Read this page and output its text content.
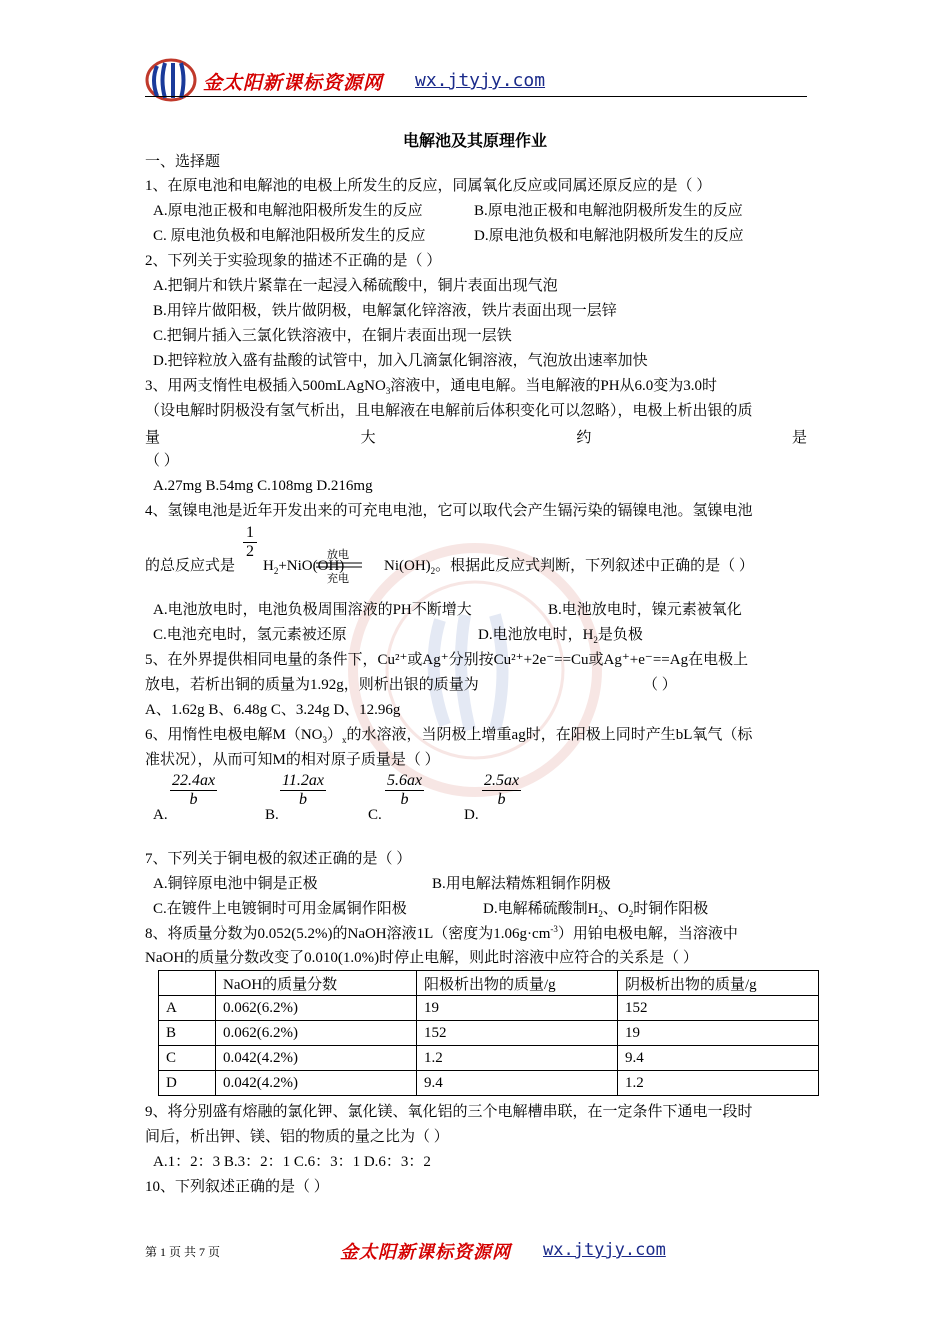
金太阳新课标资源网 wx.jtyjy.com
电解池及其原理作业
一、选择题
1、在原电池和电解池的电极上所发生的反应，同属氧化反应或同属还原反应的是（ ）
A.原电池正极和电解池阳极所发生的反应	B.原电池正极和电解池阴极所发生的反应
C. 原电池负极和电解池阳极所发生的反应	D.原电池负极和电解池阴极所发生的反应
2、下列关于实验现象的描述不正确的是（ ）
A.把铜片和铁片紧靠在一起浸入稀硫酸中，铜片表面出现气泡
B.用锌片做阳极，铁片做阴极，电解氯化锌溶液，铁片表面出现一层锌
C.把铜片插入三氯化铁溶液中，在铜片表面出现一层铁
D.把锌粒放入盛有盐酸的试管中，加入几滴氯化铜溶液，气泡放出速率加快
3、用两支惰性电极插入500mLAgNO$_3$溶液中，通电电解。当电解液的PH从6.0变为3.0时
（设电解时阴极没有氢气析出，且电解液在电解前后体积变化可以忽略），电极上析出银的质
量	大	约	是
（ ）
A.27mg B.54mg C.108mg D.216mg
4、氢镍电池是近年开发出来的可充电电池，它可以取代会产生镉污染的镉镍电池。氢镍电池
的总反应式是
$\frac{1}{2}$
$H_2+NiO(OH)$
放电
充电
$Ni(OH)_2$。根据此反应式判断，下列叙述中正确的是（ ）
A.电池放电时，电池负极周围溶液的PH不断增大	B.电池放电时，镍元素被氧化
C.电池充电时，氢元素被还原	D.电池放电时，$H_2$是负极
5、在外界提供相同电量的条件下，Cu²⁺或Ag⁺分别按Cu²⁺+2e⁻==Cu或Ag⁺+e⁻==Ag在电极上
放电，若析出铜的质量为1.92g，则析出银的质量为	（ ）
A、1.62g B、6.48g C、3.24g D、12.96g
6、用惰性电极电解$M(NO_3)_x$的水溶液，当阴极上增重ag时，在阳极上同时产生bL氧气（标
准状况），从而可知M的相对原子质量是（ ）
A.
$\frac{22.4ax}{b}$
B.
$\frac{11.2ax}{b}$
C.
$\frac{5.6ax}{b}$
D.
$\frac{2.5ax}{b}$
7、下列关于铜电极的叙述正确的是（ ）
A.铜锌原电池中铜是正极	B.用电解法精炼粗铜作阴极
C.在镀件上电镀铜时可用金属铜作阳极	D.电解稀硫酸制$H_2$、$O_2$时铜作阳极
8、将质量分数为0.052(5.2%)的NaOH溶液1L（密度为$1.06g\cdot cm^{-3}$）用铂电极电解，当溶液中
NaOH的质量分数改变了0.010(1.0%)时停止电解，则此时溶液中应符合的关系是（ ）
	NaOH的质量分数	阳极析出物的质量/g	阴极析出物的质量/g
A	0.062(6.2%)	19	152
B	0.062(6.2%)	152	19
C	0.042(4.2%)	1.2	9.4
D	0.042(4.2%)	9.4	1.2
9、将分别盛有熔融的氯化钾、氯化镁、氧化铝的三个电解槽串联，在一定条件下通电一段时
间后，析出钾、镁、铝的物质的量之比为（ ）
A.1：2：3 B.3：2：1 C.6：3：1 D.6：3：2
10、下列叙述正确的是（ ）
第 1 页 共 7 页	金太阳新课标资源网 wx.jtyjy.com
